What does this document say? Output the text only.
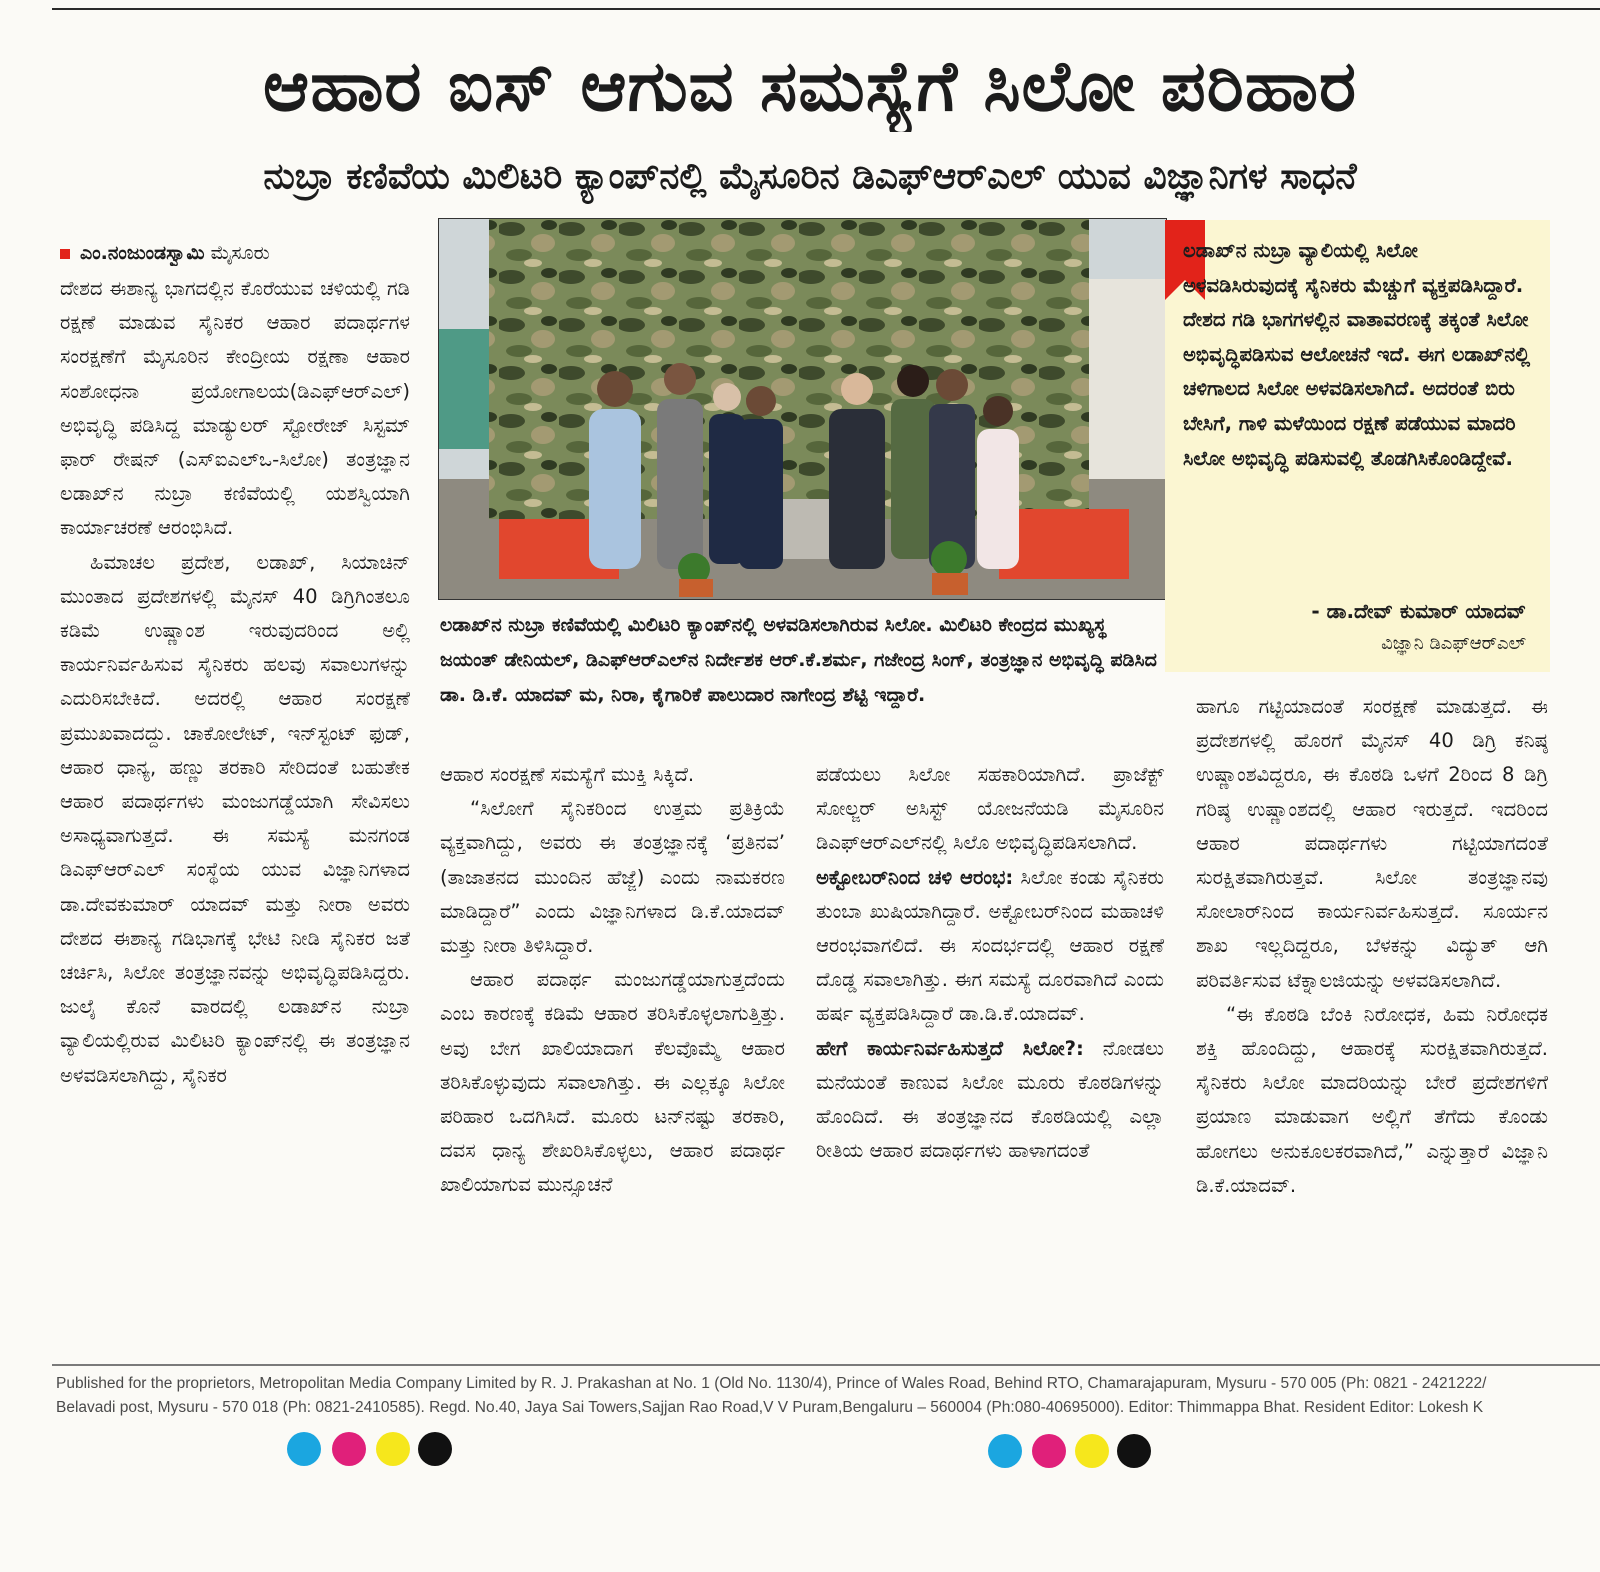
ಆಹಾರ ಐಸ್ ಆಗುವ ಸಮಸ್ಯೆಗೆ ಸಿಲೋ ಪರಿಹಾರ
ನುಬ್ರಾ ಕಣಿವೆಯ ಮಿಲಿಟರಿ ಕ್ಯಾಂಪ್‌ನಲ್ಲಿ ಮೈಸೂರಿನ ಡಿಎಫ್‌ಆರ್‌ಎಲ್ ಯುವ ವಿಜ್ಞಾನಿಗಳ ಸಾಧನೆ
ಎಂ.ನಂಜುಂಡಸ್ವಾಮಿ ಮೈಸೂರು

ದೇಶದ ಈಶಾನ್ಯ ಭಾಗದಲ್ಲಿನ ಕೊರೆಯುವ ಚಳಿಯಲ್ಲಿ ಗಡಿ ರಕ್ಷಣೆ ಮಾಡುವ ಸೈನಿಕರ ಆಹಾರ ಪದಾರ್ಥಗಳ ಸಂರಕ್ಷಣೆಗೆ ಮೈಸೂರಿನ ಕೇಂದ್ರೀಯ ರಕ್ಷಣಾ ಆಹಾರ ಸಂಶೋಧನಾ ಪ್ರಯೋಗಾಲಯ(ಡಿಎಫ್‌ಆರ್‌ಎಲ್) ಅಭಿವೃದ್ಧಿ ಪಡಿಸಿದ್ದ ಮಾಡ್ಯುಲರ್ ಸ್ಟೋರೇಜ್ ಸಿಸ್ಟಮ್ ಫಾರ್ ರೇಷನ್ (ಎಸ್‌ಐಎಲ್‌ಒ-ಸಿಲೋ) ತಂತ್ರಜ್ಞಾನ ಲಡಾಖ್‌ನ ನುಬ್ರಾ ಕಣಿವೆಯಲ್ಲಿ ಯಶಸ್ವಿಯಾಗಿ ಕಾರ್ಯಾಚರಣೆ ಆರಂಭಿಸಿದೆ.

ಹಿಮಾಚಲ ಪ್ರದೇಶ, ಲಡಾಖ್, ಸಿಯಾಚಿನ್ ಮುಂತಾದ ಪ್ರದೇಶಗಳಲ್ಲಿ ಮೈನಸ್ 40 ಡಿಗ್ರಿಗಿಂತಲೂ ಕಡಿಮೆ ಉಷ್ಣಾಂಶ ಇರುವುದರಿಂದ ಅಲ್ಲಿ ಕಾರ್ಯನಿರ್ವಹಿಸುವ ಸೈನಿಕರು ಹಲವು ಸವಾಲುಗಳನ್ನು ಎದುರಿಸಬೇಕಿದೆ. ಅದರಲ್ಲಿ ಆಹಾರ ಸಂರಕ್ಷಣೆ ಪ್ರಮುಖವಾದದ್ದು. ಚಾಕೋಲೇಟ್, ಇನ್‌ಸ್ಟಂಟ್ ಫುಡ್, ಆಹಾರ ಧಾನ್ಯ, ಹಣ್ಣು ತರಕಾರಿ ಸೇರಿದಂತೆ ಬಹುತೇಕ ಆಹಾರ ಪದಾರ್ಥಗಳು ಮಂಜುಗಡ್ಡೆಯಾಗಿ ಸೇವಿಸಲು ಅಸಾಧ್ಯವಾಗುತ್ತದೆ. ಈ ಸಮಸ್ಯೆ ಮನಗಂಡ ಡಿಎಫ್‌ಆರ್‌ಎಲ್ ಸಂಸ್ಥೆಯ ಯುವ ವಿಜ್ಞಾನಿಗಳಾದ ಡಾ.ದೇವಕುಮಾರ್ ಯಾದವ್ ಮತ್ತು ನೀರಾ ಅವರು ದೇಶದ ಈಶಾನ್ಯ ಗಡಿಭಾಗಕ್ಕೆ ಭೇಟಿ ನೀಡಿ ಸೈನಿಕರ ಜತೆ ಚರ್ಚಿಸಿ, ಸಿಲೋ ತಂತ್ರಜ್ಞಾನವನ್ನು ಅಭಿವೃದ್ಧಿಪಡಿಸಿದ್ದರು. ಜುಲೈ ಕೊನೆ ವಾರದಲ್ಲಿ ಲಡಾಖ್‌ನ ನುಬ್ರಾ ವ್ಯಾಲಿಯಲ್ಲಿರುವ ಮಿಲಿಟರಿ ಕ್ಯಾಂಪ್‌ನಲ್ಲಿ ಈ ತಂತ್ರಜ್ಞಾನ ಅಳವಡಿಸಲಾಗಿದ್ದು, ಸೈನಿಕರ

ಲಡಾಖ್‌ನ ನುಬ್ರಾ ಕಣಿವೆಯಲ್ಲಿ ಮಿಲಿಟರಿ ಕ್ಯಾಂಪ್‌ನಲ್ಲಿ ಅಳವಡಿಸಲಾಗಿರುವ ಸಿಲೋ. ಮಿಲಿಟರಿ ಕೇಂದ್ರದ ಮುಖ್ಯಸ್ಥ ಜಯಂತ್ ಡೇನಿಯಲ್, ಡಿಎಫ್‌ಆರ್‌ಎಲ್‌ನ ನಿರ್ದೇಶಕ ಆರ್.ಕೆ.ಶರ್ಮ, ಗಜೇಂದ್ರ ಸಿಂಗ್, ತಂತ್ರಜ್ಞಾನ ಅಭಿವೃದ್ಧಿ ಪಡಿಸಿದ ಡಾ. ಡಿ.ಕೆ. ಯಾದವ್ ಮ, ನಿರಾ, ಕೈಗಾರಿಕೆ ಪಾಲುದಾರ ನಾಗೇಂದ್ರ ಶೆಟ್ಟಿ ಇದ್ದಾರೆ.

ಲಡಾಖ್‌ನ ನುಬ್ರಾ ವ್ಯಾಲಿಯಲ್ಲಿ ಸಿಲೋ ಅಳವಡಿಸಿರುವುದಕ್ಕೆ ಸೈನಿಕರು ಮೆಚ್ಚುಗೆ ವ್ಯಕ್ತಪಡಿಸಿದ್ದಾರೆ. ದೇಶದ ಗಡಿ ಭಾಗಗಳಲ್ಲಿನ ವಾತಾವರಣಕ್ಕೆ ತಕ್ಕಂತೆ ಸಿಲೋ ಅಭಿವೃದ್ಧಿಪಡಿಸುವ ಆಲೋಚನೆ ಇದೆ. ಈಗ ಲಡಾಖ್‌ನಲ್ಲಿ ಚಳಿಗಾಲದ ಸಿಲೋ ಅಳವಡಿಸಲಾಗಿದೆ. ಅದರಂತೆ ಬಿರು ಬೇಸಿಗೆ, ಗಾಳಿ ಮಳೆಯಿಂದ ರಕ್ಷಣೆ ಪಡೆಯುವ ಮಾದರಿ ಸಿಲೋ ಅಭಿವೃದ್ಧಿ ಪಡಿಸುವಲ್ಲಿ ತೊಡಗಿಸಿಕೊಂಡಿದ್ದೇವೆ.

- ಡಾ.ದೇವ್ ಕುಮಾರ್ ಯಾದವ್
ವಿಜ್ಞಾನಿ ಡಿಎಫ್‌ಆರ್‌ಎಲ್

ಆಹಾರ ಸಂರಕ್ಷಣೆ ಸಮಸ್ಯೆಗೆ ಮುಕ್ತಿ ಸಿಕ್ಕಿದೆ.

“ಸಿಲೋಗೆ ಸೈನಿಕರಿಂದ ಉತ್ತಮ ಪ್ರತಿಕ್ರಿಯೆ ವ್ಯಕ್ತವಾಗಿದ್ದು, ಅವರು ಈ ತಂತ್ರಜ್ಞಾನಕ್ಕೆ ‘ಪ್ರತಿನವ’ (ತಾಜಾತನದ ಮುಂದಿನ ಹೆಜ್ಜೆ) ಎಂದು ನಾಮಕರಣ ಮಾಡಿದ್ದಾರೆ” ಎಂದು ವಿಜ್ಞಾನಿಗಳಾದ ಡಿ.ಕೆ.ಯಾದವ್ ಮತ್ತು ನೀರಾ ತಿಳಿಸಿದ್ದಾರೆ.

ಆಹಾರ ಪದಾರ್ಥ ಮಂಜುಗಡ್ಡೆಯಾಗುತ್ತದೆಂದು ಎಂಬ ಕಾರಣಕ್ಕೆ ಕಡಿಮೆ ಆಹಾರ ತರಿಸಿಕೊಳ್ಳಲಾಗುತ್ತಿತ್ತು. ಅವು ಬೇಗ ಖಾಲಿಯಾದಾಗ ಕೆಲವೊಮ್ಮೆ ಆಹಾರ ತರಿಸಿಕೊಳ್ಳುವುದು ಸವಾಲಾಗಿತ್ತು. ಈ ಎಲ್ಲಕ್ಕೂ ಸಿಲೋ ಪರಿಹಾರ ಒದಗಿಸಿದೆ. ಮೂರು ಟನ್‌ನಷ್ಟು ತರಕಾರಿ, ದವಸ ಧಾನ್ಯ ಶೇಖರಿಸಿಕೊಳ್ಳಲು, ಆಹಾರ ಪದಾರ್ಥ ಖಾಲಿಯಾಗುವ ಮುನ್ಸೂಚನೆ

ಪಡೆಯಲು ಸಿಲೋ ಸಹಕಾರಿಯಾಗಿದೆ. ಪ್ರಾಜೆಕ್ಟ್ ಸೋಲ್ಜರ್ ಅಸಿಸ್ಟ್ ಯೋಜನೆಯಡಿ ಮೈಸೂರಿನ ಡಿಎಫ್‌ಆರ್‌ಎಲ್‌ನಲ್ಲಿ ಸಿಲೊ ಅಭಿವೃದ್ಧಿಪಡಿಸಲಾಗಿದೆ.

ಅಕ್ಟೋಬರ್‌ನಿಂದ ಚಳಿ ಆರಂಭ: ಸಿಲೋ ಕಂಡು ಸೈನಿಕರು ತುಂಬಾ ಖುಷಿಯಾಗಿದ್ದಾರೆ. ಅಕ್ಟೋಬರ್‌ನಿಂದ ಮಹಾಚಳಿ ಆರಂಭವಾಗಲಿದೆ. ಈ ಸಂದರ್ಭದಲ್ಲಿ ಆಹಾರ ರಕ್ಷಣೆ ದೊಡ್ಡ ಸವಾಲಾಗಿತ್ತು. ಈಗ ಸಮಸ್ಯೆ ದೂರವಾಗಿದೆ ಎಂದು ಹರ್ಷ ವ್ಯಕ್ತಪಡಿಸಿದ್ದಾರೆ ಡಾ.ಡಿ.ಕೆ.ಯಾದವ್.

ಹೇಗೆ ಕಾರ್ಯನಿರ್ವಹಿಸುತ್ತದೆ ಸಿಲೋ?: ನೋಡಲು ಮನೆಯಂತೆ ಕಾಣುವ ಸಿಲೋ ಮೂರು ಕೊಠಡಿಗಳನ್ನು ಹೊಂದಿದೆ. ಈ ತಂತ್ರಜ್ಞಾನದ ಕೊಠಡಿಯಲ್ಲಿ ಎಲ್ಲಾ ರೀತಿಯ ಆಹಾರ ಪದಾರ್ಥಗಳು ಹಾಳಾಗದಂತೆ

ಹಾಗೂ ಗಟ್ಟಿಯಾದಂತೆ ಸಂರಕ್ಷಣೆ ಮಾಡುತ್ತದೆ. ಈ ಪ್ರದೇಶಗಳಲ್ಲಿ ಹೊರಗೆ ಮೈನಸ್ 40 ಡಿಗ್ರಿ ಕನಿಷ್ಠ ಉಷ್ಣಾಂಶವಿದ್ದರೂ, ಈ ಕೊಠಡಿ ಒಳಗೆ 2ರಿಂದ 8 ಡಿಗ್ರಿ ಗರಿಷ್ಠ ಉಷ್ಣಾಂಶದಲ್ಲಿ ಆಹಾರ ಇರುತ್ತದೆ. ಇದರಿಂದ ಆಹಾರ ಪದಾರ್ಥಗಳು ಗಟ್ಟಿಯಾಗದಂತೆ ಸುರಕ್ಷಿತವಾಗಿರುತ್ತವೆ. ಸಿಲೋ ತಂತ್ರಜ್ಞಾನವು ಸೋಲಾರ್‌ನಿಂದ ಕಾರ್ಯನಿರ್ವಹಿಸುತ್ತದೆ. ಸೂರ್ಯನ ಶಾಖ ಇಲ್ಲದಿದ್ದರೂ, ಬೆಳಕನ್ನು ವಿದ್ಯುತ್ ಆಗಿ ಪರಿವರ್ತಿಸುವ ಟೆಕ್ನಾಲಜಿಯನ್ನು ಅಳವಡಿಸಲಾಗಿದೆ.

“ಈ ಕೊಠಡಿ ಬೆಂಕಿ ನಿರೋಧಕ, ಹಿಮ ನಿರೋಧಕ ಶಕ್ತಿ ಹೊಂದಿದ್ದು, ಆಹಾರಕ್ಕೆ ಸುರಕ್ಷಿತವಾಗಿರುತ್ತದೆ. ಸೈನಿಕರು ಸಿಲೋ ಮಾದರಿಯನ್ನು ಬೇರೆ ಪ್ರದೇಶಗಳಿಗೆ ಪ್ರಯಾಣ ಮಾಡುವಾಗ ಅಲ್ಲಿಗೆ ತೆಗೆದು ಕೊಂಡು ಹೋಗಲು ಅನುಕೂಲಕರವಾಗಿದೆ,” ಎನ್ನುತ್ತಾರೆ ವಿಜ್ಞಾನಿ ಡಿ.ಕೆ.ಯಾದವ್.

Published for the proprietors, Metropolitan Media Company Limited by R. J. Prakashan at No. 1 (Old No. 1130/4), Prince of Wales Road, Behind RTO, Chamarajapuram, Mysuru - 570 005 (Ph: 0821 - 2421222/
Belavadi post, Mysuru - 570 018 (Ph: 0821-2410585). Regd. No.40, Jaya Sai Towers,Sajjan Rao Road,V V Puram,Bengaluru – 560004 (Ph:080-40695000). Editor: Thimmappa Bhat. Resident Editor: Lokesh K
